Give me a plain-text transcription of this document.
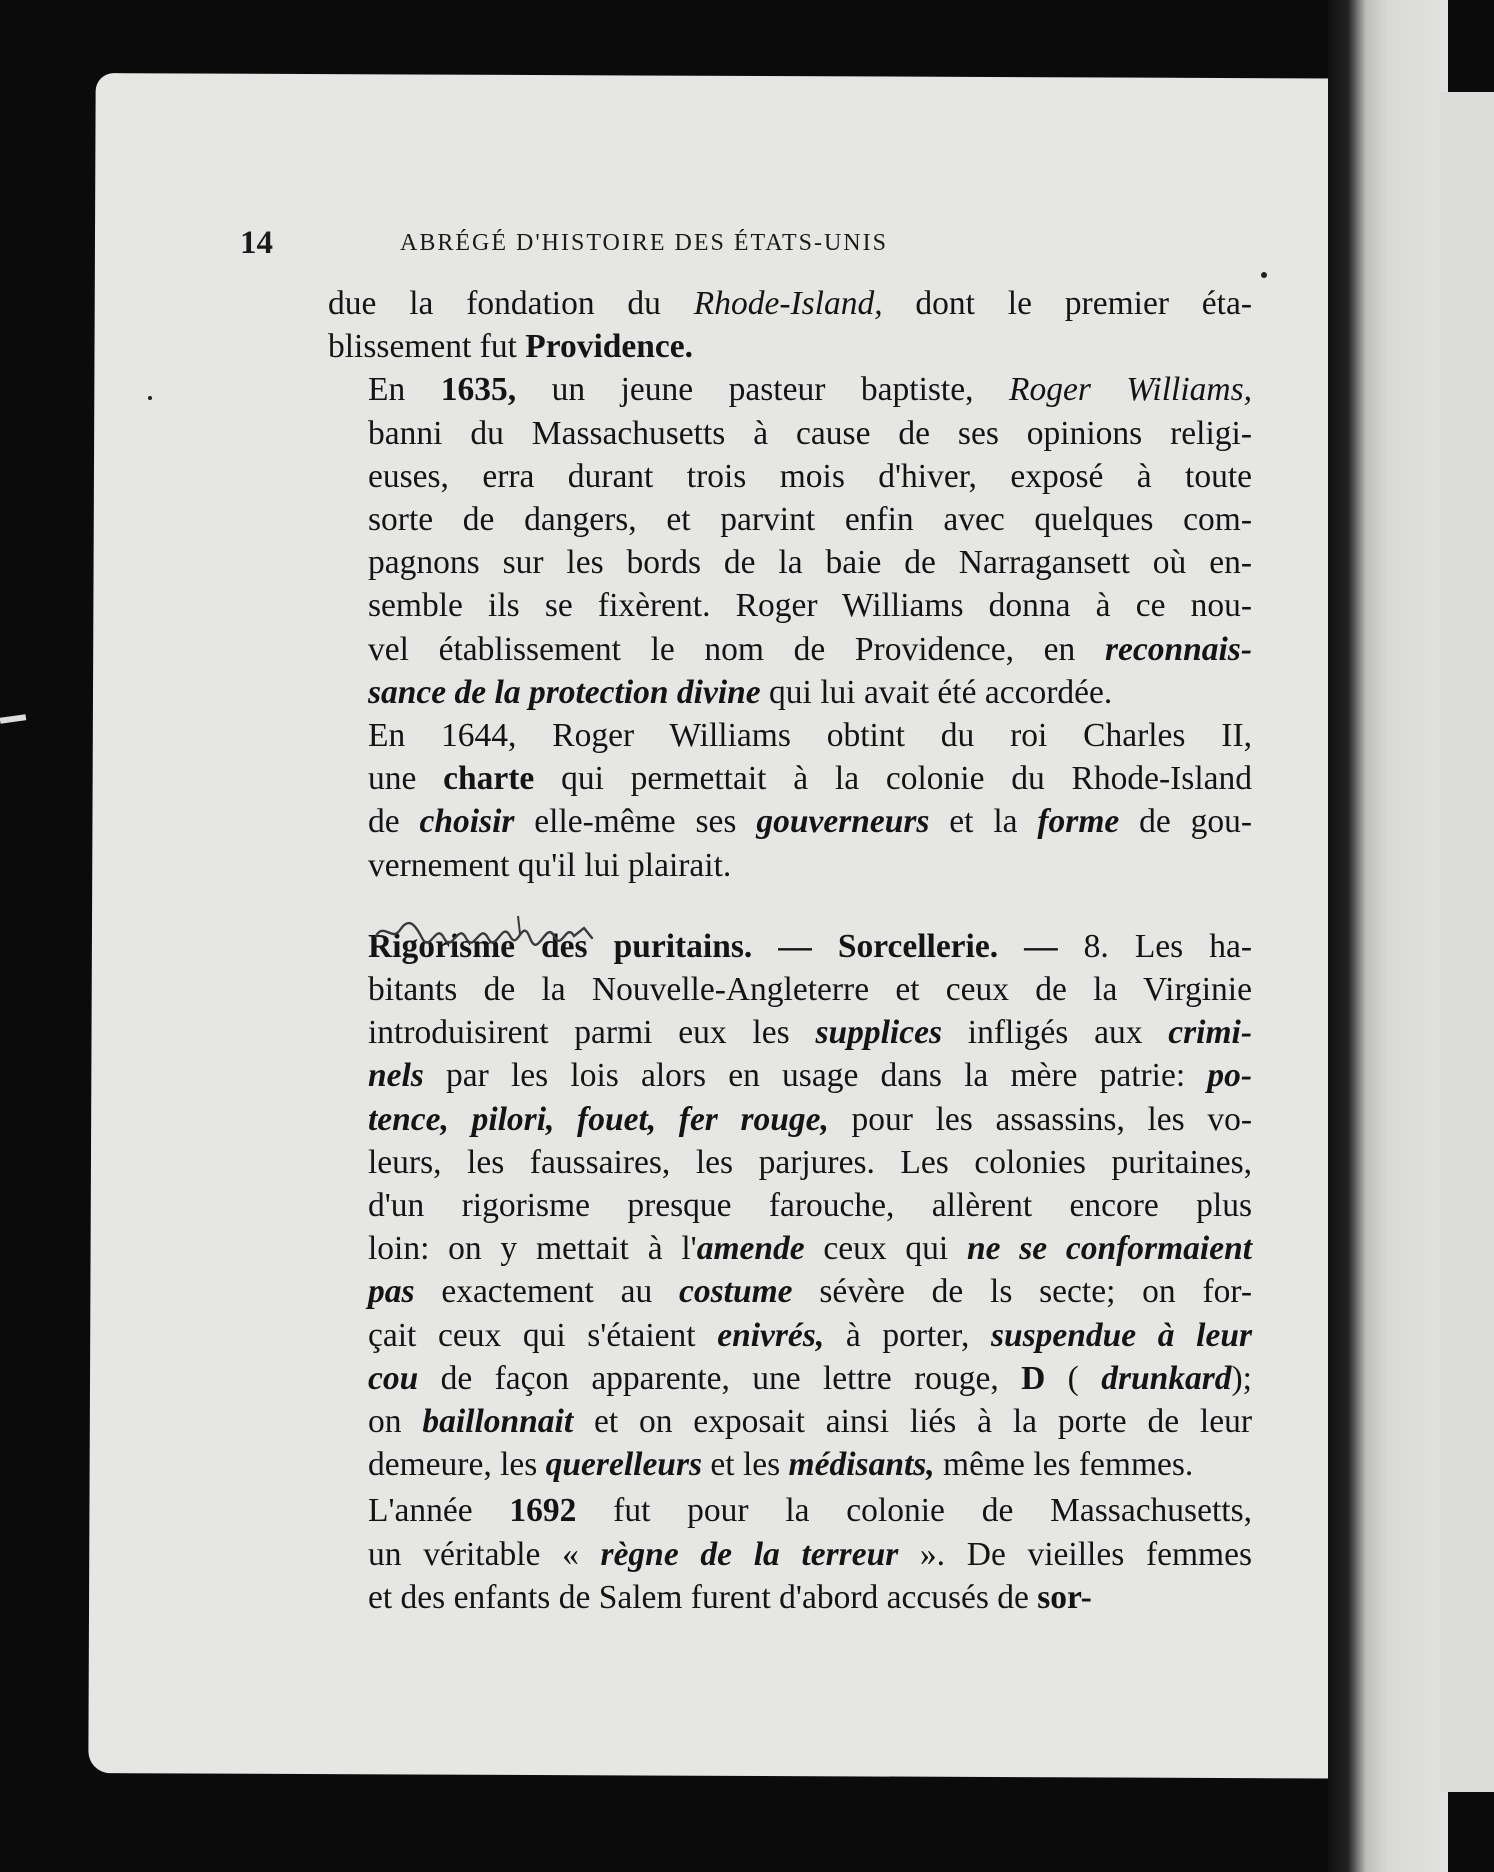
14	ABRÉGÉ D'HISTOIRE DES ÉTATS-UNIS

due la fondation du Rhode-Island, dont le premier éta-
blissement fut Providence.

En 1635, un jeune pasteur baptiste, Roger Williams,
banni du Massachusetts à cause de ses opinions religi-
euses, erra durant trois mois d'hiver, exposé à toute
sorte de dangers, et parvint enfin avec quelques com-
pagnons sur les bords de la baie de Narragansett où en-
semble ils se fixèrent. Roger Williams donna à ce nou-
vel établissement le nom de Providence, en reconnais-
sance de la protection divine qui lui avait été accordée.

En 1644, Roger Williams obtint du roi Charles II,
une charte qui permettait à la colonie du Rhode-Island
de choisir elle-même ses gouverneurs et la forme de gou-
vernement qu'il lui plairait.

Rigorisme des puritains. — Sorcellerie. — 8. Les ha-
bitants de la Nouvelle-Angleterre et ceux de la Virginie
introduisirent parmi eux les supplices infligés aux crimi-
nels par les lois alors en usage dans la mère patrie: po-
tence, pilori, fouet, fer rouge, pour les assassins, les vo-
leurs, les faussaires, les parjures. Les colonies puritaines,
d'un rigorisme presque farouche, allèrent encore plus
loin: on y mettait à l'amende ceux qui ne se conformaient
pas exactement au costume sévère de ls secte; on for-
çait ceux qui s'étaient enivrés, à porter, suspendue à leur
cou de façon apparente, une lettre rouge, D ( drunkard);
on baillonnait et on exposait ainsi liés à la porte de leur
demeure, les querelleurs et les médisants, même les femmes.

L'année 1692 fut pour la colonie de Massachusetts,
un véritable « règne de la terreur ». De vieilles femmes
et des enfants de Salem furent d'abord accusés de sor-
